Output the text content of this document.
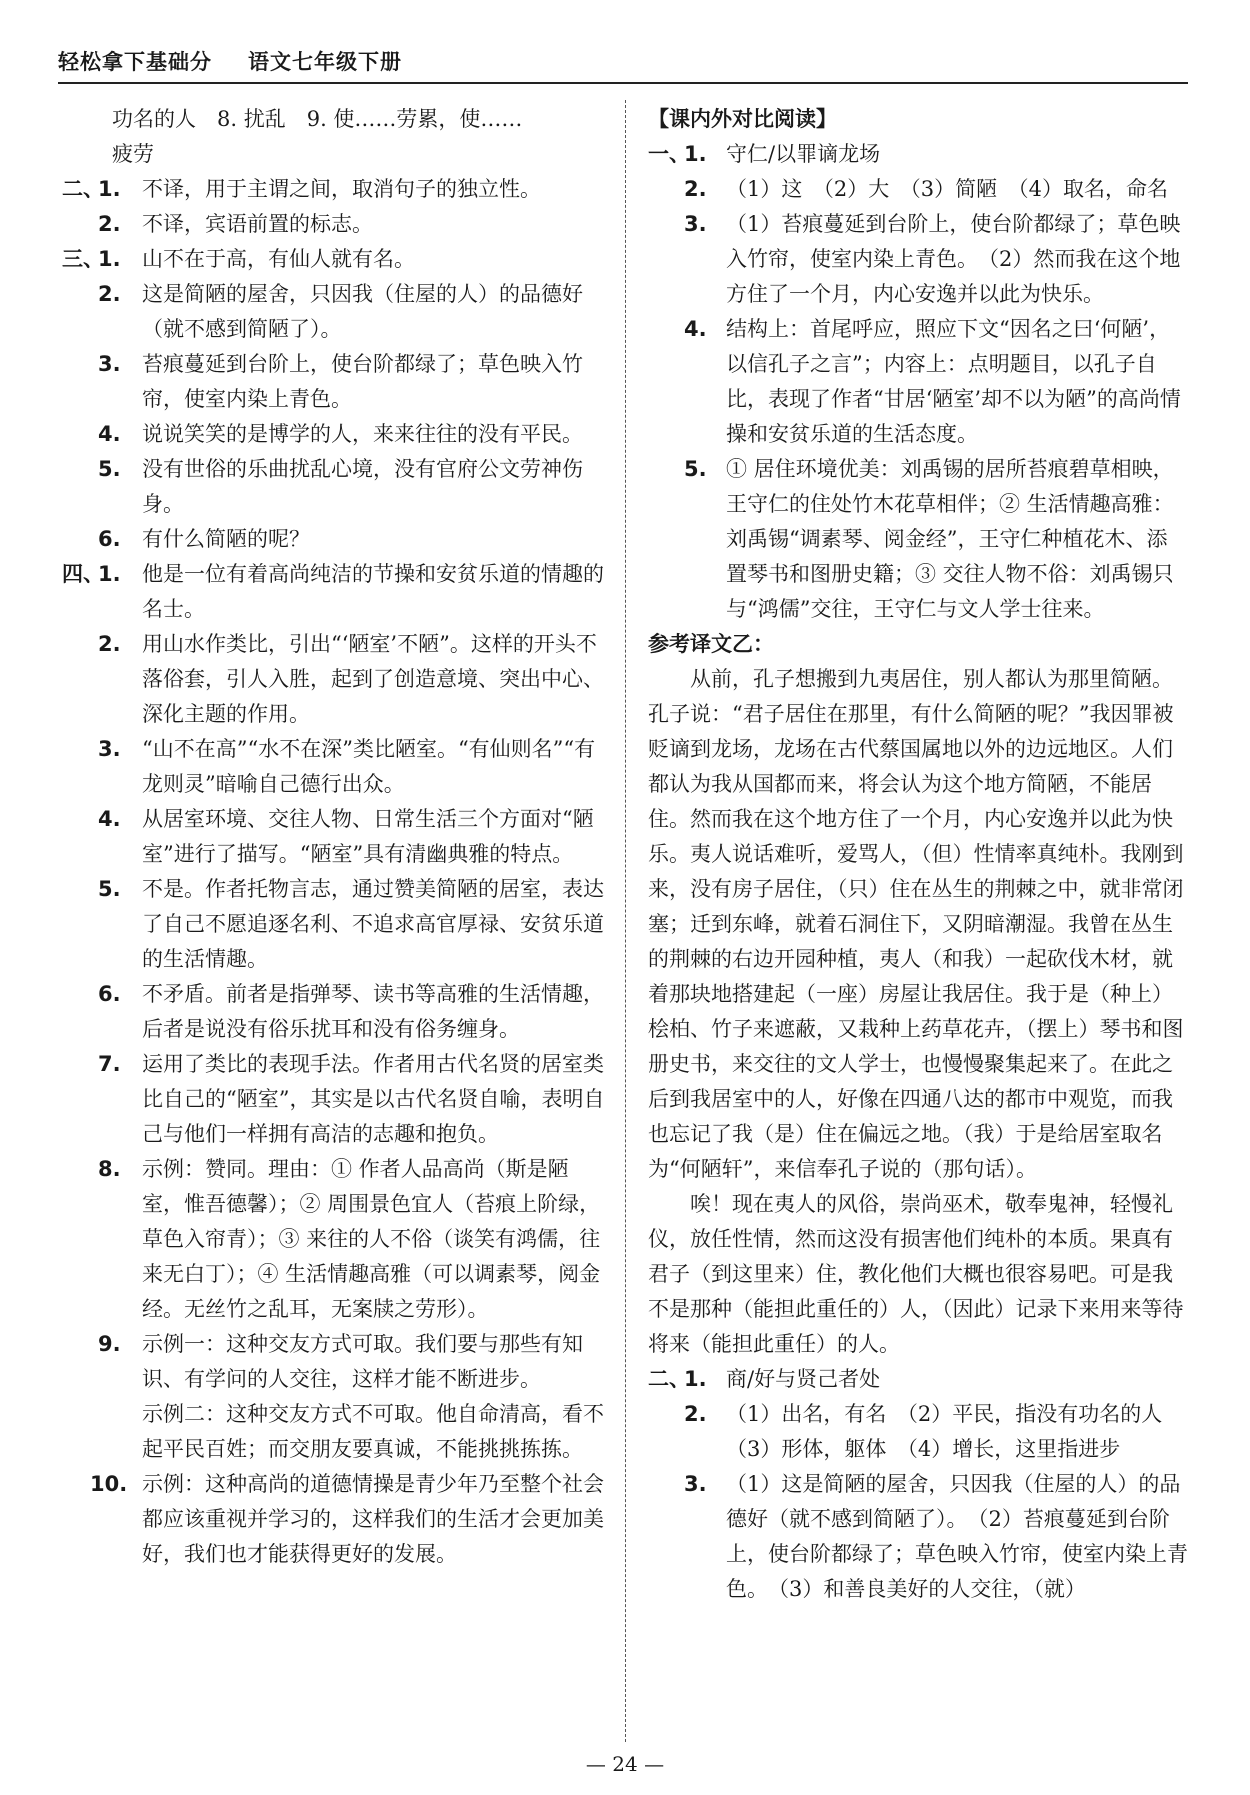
轻松拿下基础分 语文七年级下册
功名的人　8. 扰乱　9. 使……劳累，使……
疲劳
二、
1. 不译，用于主谓之间，取消句子的独立性。
2. 不译，宾语前置的标志。
三、
1. 山不在于高，有仙人就有名。
2. 这是简陋的屋舍，只因我（住屋的人）的品德好（就不感到简陋了）。
3. 苔痕蔓延到台阶上，使台阶都绿了；草色映入竹帘，使室内染上青色。
4. 说说笑笑的是博学的人，来来往往的没有平民。
5. 没有世俗的乐曲扰乱心境，没有官府公文劳神伤身。
6. 有什么简陋的呢？
四、
1. 他是一位有着高尚纯洁的节操和安贫乐道的情趣的名士。
2. 用山水作类比，引出“‘陋室’不陋”。这样的开头不落俗套，引人入胜，起到了创造意境、突出中心、深化主题的作用。
3. “山不在高”“水不在深”类比陋室。“有仙则名”“有龙则灵”暗喻自己德行出众。
4. 从居室环境、交往人物、日常生活三个方面对“陋室”进行了描写。“陋室”具有清幽典雅的特点。
5. 不是。作者托物言志，通过赞美简陋的居室，表达了自己不愿追逐名利、不追求高官厚禄、安贫乐道的生活情趣。
6. 不矛盾。前者是指弹琴、读书等高雅的生活情趣，后者是说没有俗乐扰耳和没有俗务缠身。
7. 运用了类比的表现手法。作者用古代名贤的居室类比自己的“陋室”，其实是以古代名贤自喻，表明自己与他们一样拥有高洁的志趣和抱负。
8. 示例：赞同。理由：① 作者人品高尚（斯是陋室，惟吾德馨）；② 周围景色宜人（苔痕上阶绿，草色入帘青）；③ 来往的人不俗（谈笑有鸿儒，往来无白丁）；④ 生活情趣高雅（可以调素琴，阅金经。无丝竹之乱耳，无案牍之劳形）。
9. 示例一：这种交友方式可取。我们要与那些有知识、有学问的人交往，这样才能不断进步。
示例二：这种交友方式不可取。他自命清高，看不起平民百姓；而交朋友要真诚，不能挑挑拣拣。
10. 示例：这种高尚的道德情操是青少年乃至整个社会都应该重视并学习的，这样我们的生活才会更加美好，我们也才能获得更好的发展。
【课内外对比阅读】
一、
1. 守仁/以罪谪龙场
2. （1）这　（2）大　（3）简陋　（4）取名，命名
3. （1）苔痕蔓延到台阶上，使台阶都绿了；草色映入竹帘，使室内染上青色。　（2）然而我在这个地方住了一个月，内心安逸并以此为快乐。
4. 结构上：首尾呼应，照应下文“因名之曰‘何陋’，以信孔子之言”；内容上：点明题目，以孔子自比，表现了作者“甘居‘陋室’却不以为陋”的高尚情操和安贫乐道的生活态度。
5. ① 居住环境优美：刘禹锡的居所苔痕碧草相映，王守仁的住处竹木花草相伴；② 生活情趣高雅：刘禹锡“调素琴、阅金经”，王守仁种植花木、添置琴书和图册史籍；③ 交往人物不俗：刘禹锡只与“鸿儒”交往，王守仁与文人学士往来。
参考译文乙：
从前，孔子想搬到九夷居住，别人都认为那里简陋。孔子说：“君子居住在那里，有什么简陋的呢？”我因罪被贬谪到龙场，龙场在古代蔡国属地以外的边远地区。人们都认为我从国都而来，将会认为这个地方简陋，不能居住。然而我在这个地方住了一个月，内心安逸并以此为快乐。夷人说话难听，爱骂人，（但）性情率真纯朴。我刚到来，没有房子居住，（只）住在丛生的荆棘之中，就非常闭塞；迁到东峰，就着石洞住下，又阴暗潮湿。我曾在丛生的荆棘的右边开园种植，夷人（和我）一起砍伐木材，就着那块地搭建起（一座）房屋让我居住。我于是（种上）桧柏、竹子来遮蔽，又栽种上药草花卉，（摆上）琴书和图册史书，来交往的文人学士，也慢慢聚集起来了。在此之后到我居室中的人，好像在四通八达的都市中观览，而我也忘记了我（是）住在偏远之地。（我）于是给居室取名为“何陋轩”，来信奉孔子说的（那句话）。
唉！现在夷人的风俗，崇尚巫术，敬奉鬼神，轻慢礼仪，放任性情，然而这没有损害他们纯朴的本质。果真有君子（到这里来）住，教化他们大概也很容易吧。可是我不是那种（能担此重任的）人，（因此）记录下来用来等待将来（能担此重任）的人。
二、
1. 商/好与贤己者处
2. （1）出名，有名　（2）平民，指没有功名的人　（3）形体，躯体　（4）增长，这里指进步
3. （1）这是简陋的屋舍，只因我（住屋的人）的品德好（就不感到简陋了）。　（2）苔痕蔓延到台阶上，使台阶都绿了；草色映入竹帘，使室内染上青色。　（3）和善良美好的人交往，（就）
— 24 —
